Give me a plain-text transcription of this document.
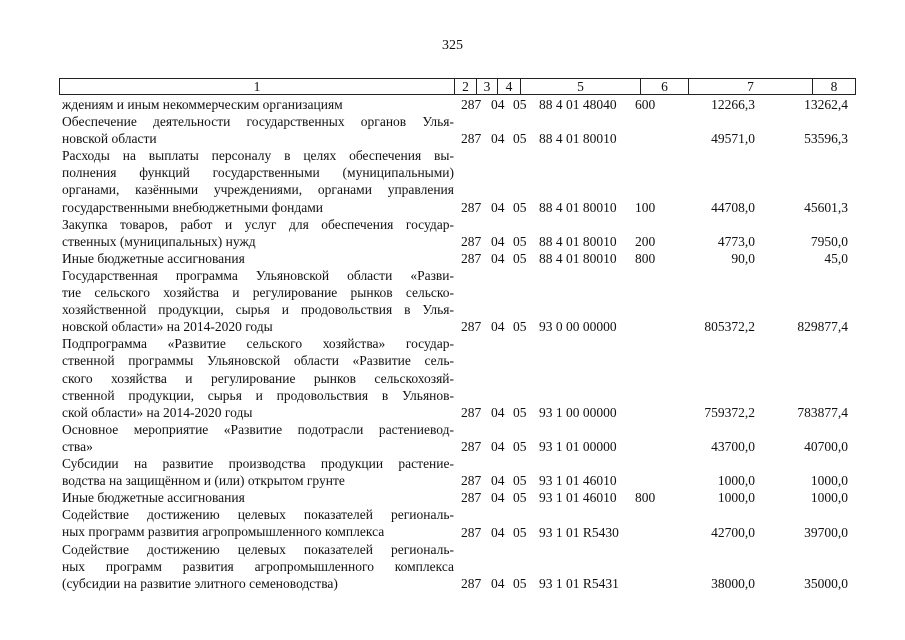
325
1	2	3	4	5	6	7	8
ждениям и иным некоммерческим организациям	287 04 05 88 4 01 48040	600	12266,3	13262,4
Обеспечение деятельности государственных органов Улья-
новской области	287 04 05 88 4 01 80010	49571,0	53596,3
Расходы на выплаты персоналу в целях обеспечения вы-
полнения функций государственными (муниципальными)
органами, казёнными учреждениями, органами управления
государственными внебюджетными фондами	287 04 05 88 4 01 80010	100	44708,0	45601,3
Закупка товаров, работ и услуг для обеспечения государ-
ственных (муниципальных) нужд	287 04 05 88 4 01 80010	200	4773,0	7950,0
Иные бюджетные ассигнования	287 04 05 88 4 01 80010	800	90,0	45,0
Государственная программа Ульяновской области «Разви-
тие сельского хозяйства и регулирование рынков сельско-
хозяйственной продукции, сырья и продовольствия в Улья-
новской области» на 2014-2020 годы	287 04 05 93 0 00 00000	805372,2	829877,4
Подпрограмма «Развитие сельского хозяйства» государ-
ственной программы Ульяновской области «Развитие сель-
ского хозяйства и регулирование рынков сельскохозяй-
ственной продукции, сырья и продовольствия в Ульянов-
ской области» на 2014-2020 годы	287 04 05 93 1 00 00000	759372,2	783877,4
Основное мероприятие «Развитие подотрасли растениевод-
ства»	287 04 05 93 1 01 00000	43700,0	40700,0
Субсидии на развитие производства продукции растение-
водства на защищённом и (или) открытом грунте	287 04 05 93 1 01 46010	1000,0	1000,0
Иные бюджетные ассигнования	287 04 05 93 1 01 46010	800	1000,0	1000,0
Содействие достижению целевых показателей региональ-
ных программ развития агропромышленного комплекса	287 04 05 93 1 01 R5430	42700,0	39700,0
Содействие достижению целевых показателей региональ-
ных программ развития агропромышленного комплекса
(субсидии на развитие элитного семеноводства)	287 04 05 93 1 01 R5431	38000,0	35000,0
